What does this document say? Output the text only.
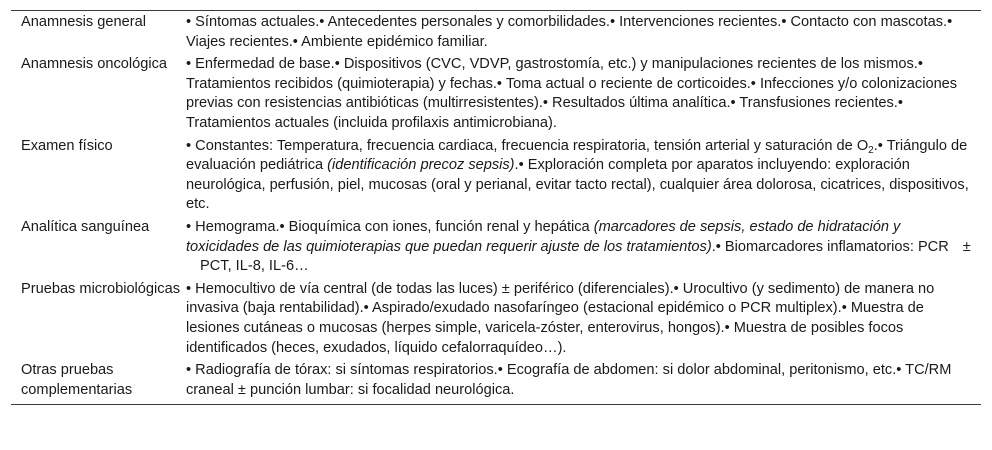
Anamnesis general	• Síntomas actuales.• Antecedentes personales y comorbilidades.• Intervenciones recientes.• Contacto con mascotas.• Viajes recientes.• Ambiente epidémico familiar.
Anamnesis oncológica	• Enfermedad de base.• Dispositivos (CVC, VDVP, gastrostomía, etc.) y manipulaciones recientes de los mismos.• Tratamientos recibidos (quimioterapia) y fechas.• Toma actual o reciente de corticoides.• Infecciones y/o colonizaciones previas con resistencias antibióticas (multirresistentes).• Resultados última analítica.• Transfusiones recientes.• Tratamientos actuales (incluida profilaxis antimicrobiana).
Examen físico	• Constantes: Temperatura, frecuencia cardiaca, frecuencia respiratoria, tensión arterial y saturación de $O_2.•$ Triángulo de evaluación pediátrica (identificación precoz sepsis).• Exploración completa por aparatos incluyendo: exploración neurológica, perfusión, piel, mucosas (oral y perianal, evitar tacto rectal), cualquier área dolorosa, cicatrices, dispositivos, etc.
Analítica sanguínea	• Hemograma.• Bioquímica con iones, función renal y hepática (marcadores de sepsis, estado de hidratación y toxicidades de las quimioterapias que puedan requerir ajuste de los tratamientos).• Biomarcadores inflamatorios: PCR ±PCT, IL-8, IL-6…
Pruebas microbiológicas	• Hemocultivo de vía central (de todas las luces) ± periférico (diferenciales).• Urocultivo (y sedimento) de manera no invasiva (baja rentabilidad).• Aspirado/exudado nasofaríngeo (estacional epidémico o PCR multiplex).• Muestra de lesiones cutáneas o mucosas (herpes simple, varicela-zóster, enterovirus, hongos).• Muestra de posibles focos identificados (heces, exudados, líquido cefalorraquídeo…).
Otras pruebas complementarias	• Radiografía de tórax: si síntomas respiratorios.• Ecografía de abdomen: si dolor abdominal, peritonismo, etc.• TC/RM craneal ± punción lumbar: si focalidad neurológica.
